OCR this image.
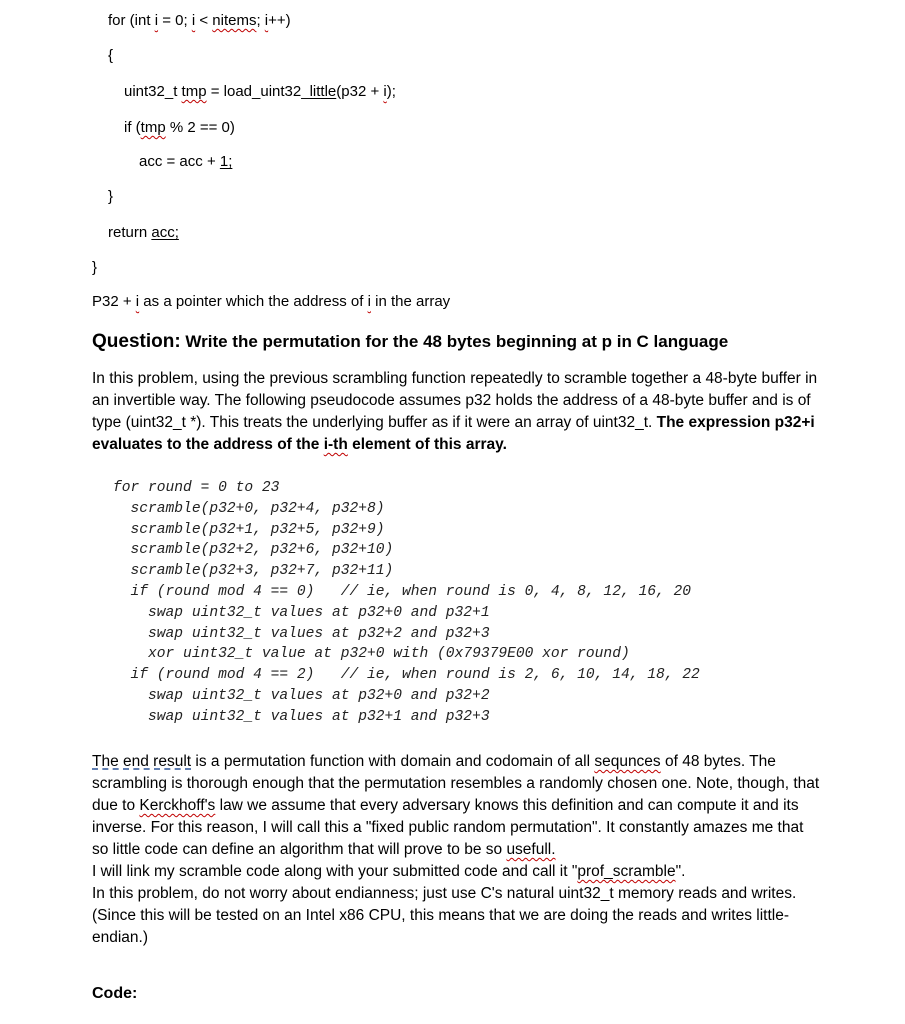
for (int i = 0; i < nitems; i++)
{
uint32_t tmp = load_uint32_little(p32 + i);
if (tmp % 2 == 0)
acc = acc + 1;
}
return acc;
}
P32 + i as a pointer which the address of i in the array
Question: Write the permutation for the 48 bytes beginning at p in C language
In this problem, using the previous scrambling function repeatedly to scramble together a 48-byte buffer in an invertible way. The following pseudocode assumes p32 holds the address of a 48-byte buffer and is of type (uint32_t *). This treats the underlying buffer as if it were an array of uint32_t. The expression p32+i evaluates to the address of the i-th element of this array.
for round = 0 to 23
scramble(p32+0, p32+4, p32+8)
scramble(p32+1, p32+5, p32+9)
scramble(p32+2, p32+6, p32+10)
scramble(p32+3, p32+7, p32+11)
if (round mod 4 == 0)   // ie, when round is 0, 4, 8, 12, 16, 20
swap uint32_t values at p32+0 and p32+1
swap uint32_t values at p32+2 and p32+3
xor uint32_t value at p32+0 with (0x79379E00 xor round)
if (round mod 4 == 2)   // ie, when round is 2, 6, 10, 14, 18, 22
swap uint32_t values at p32+0 and p32+2
swap uint32_t values at p32+1 and p32+3
The end result is a permutation function with domain and codomain of all sequnces of 48 bytes. The scrambling is thorough enough that the permutation resembles a randomly chosen one. Note, though, that due to Kerckhoff's law we assume that every adversary knows this definition and can compute it and its inverse. For this reason, I will call this a "fixed public random permutation". It constantly amazes me that so little code can define an algorithm that will prove to be so usefull.
I will link my scramble code along with your submitted code and call it "prof_scramble".
In this problem, do not worry about endianness; just use C's natural uint32_t memory reads and writes. (Since this will be tested on an Intel x86 CPU, this means that we are doing the reads and writes little-endian.)
Code:
